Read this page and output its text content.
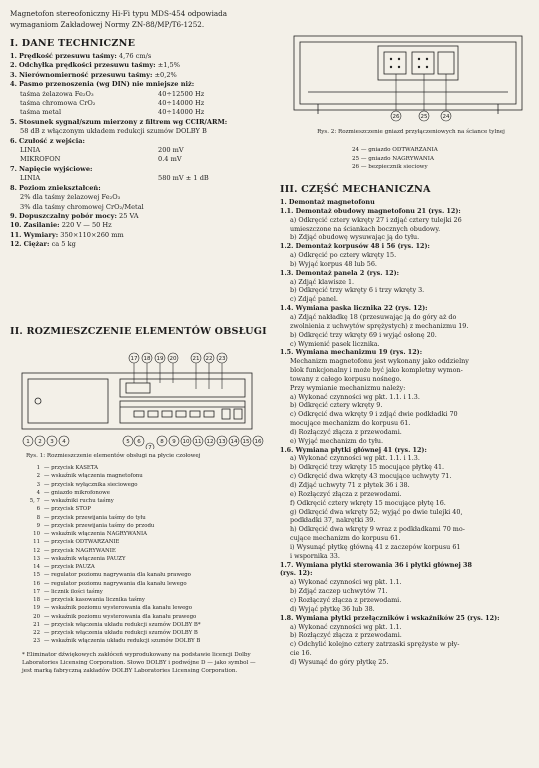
Magnetofon stereofoniczny Hi-Fi typu MDS-454 odpowiada wymaganiom Zakładowej Normy ZN-88/MP/T6-1252.
I. DANE TECHNICZNE
1. Prędkość przesuwu taśmy: 4,76 cm/s
2. Odchyłka prędkości przesuwu taśmy: ±1,5%
3. Nierównomierność przesuwu taśmy: ±0,2%
4. Pasmo przenoszenia (wg DIN) nie mniejsze niż:
taśma żelazowa Fe₂O₃	40÷12500 Hz
taśma chromowa CrO₂	40÷14000 Hz
taśma metal	40÷14000 Hz
5. Stosunek sygnał/szum mierzony z filtrem wg CCIR/ARM:
58 dB z włączonym układem redukcji szumów DOLBY B
6. Czułość z wejścia:
LINIA	200 mV
MIKROFON	0.4 mV
7. Napięcie wyjściowe:
LINIA	580 mV ± 1 dB
8. Poziom zniekształceń:
2% dla taśmy żelazowej Fe₂O₃
3% dla taśmy chromowej CrO₂/Metal
9. Dopuszczalny pobór mocy: 25 VA
10. Zasilanie: 220 V — 50 Hz
11. Wymiary: 350×110×260 mm
12. Ciężar: ca 5 kg
II. ROZMIESZCZENIE ELEMENTÓW OBSŁUGI
17 18 19 20	21 22 23
1 2 3 4	5 6
7
8 9 10 11 12 13 14 15 16
Rys. 1: Rozmieszczenie elementów obsługi na płycie czołowej
1 — przycisk KASETA
2 — wskaźnik włączenia magnetofonu
3 — przycisk wyłącznika sieciowego
4 — gniazdo mikrofonowe
5, 7 — wskaźniki ruchu taśmy
6 — przycisk STOP
8 — przycisk przewijania taśmy do tyłu
9 — przycisk przewijania taśmy do przodu
10 — wskaźnik włączenia NAGRYWANIA
11 — przycisk ODTWARZANIE
12 — przycisk NAGRYWANIE
13 — wskaźnik włączenia PAUZY
14 — przycisk PAUZA
15 — regulator poziomu nagrywania dla kanału prawego
16 — regulator poziomu nagrywania dla kanału lewego
17 — licznik ilości taśmy
18 — przycisk kasowania licznika taśmy
19 — wskaźnik poziomu wysterowania dla kanału lewego
20 — wskaźnik poziomu wysterowania dla kanału prawego
21 — przycisk włączenia układu redukcji szumów DOLBY B*
22 — przycisk włączenia układu redukcji szumów DOLBY B
23 — wskaźnik włączenia układu redukcji szumów DOLBY B
* Eliminator dźwiękowych zakłóceń wyprodukowany na podstawie licencji Dolby Laboratories Licensing Corporation. Słowo DOLBY i podwójne D — jako symbol — jest marką fabryczną zakładów DOLBY Laboratories Licensing Corporation.
26	25	24
Rys. 2: Rozmieszczenie gniazd przyłączeniowych na ściance tylnej
24 — gniazdo ODTWARZANIA
25 — gniazdo NAGRYWANIA
26 — bezpiecznik sieciowy
III. CZĘŚĆ MECHANICZNA
1. Demontaż magnetofonu
1.1. Demontaż obudowy magnetofonu 21 (rys. 12):
a) Odkręcić cztery wkręty 27 i zdjąć cztery tulejki 26
umieszczone na ściankach bocznych obudowy.
b) Zdjąć obudowę wysuwając ją do tyłu.
1.2. Demontaż korpusów 48 i 56 (rys. 12):
a) Odkręcić po cztery wkręty 15.
b) Wyjąć korpus 48 lub 56.
1.3. Demontaż panela 2 (rys. 12):
a) Zdjąć klawisze 1.
b) Odkręcić trzy wkręty 6 i trzy wkręty 3.
c) Zdjąć panel.
1.4. Wymiana paska licznika 22 (rys. 12):
a) Zdjąć nakładkę 18 (przesuwając ją do góry aż do
zwolnienia z uchwytów sprężystych) z mechanizmu 19.
b) Odkręcić trzy wkręty 69 i wyjąć osłonę 20.
c) Wymienić pasek licznika.
1.5. Wymiana mechanizmu 19 (rys. 12):
Mechanizm magnetofonu jest wykonany jako oddzielny
blok funkcjonalny i może być jako kompletny wymon-
towany z całego korpusu nośnego.
Przy wymianie mechanizmu należy:
a) Wykonać czynności wg pkt. 1.1. i 1.3.
b) Odkręcić cztery wkręty 9.
c) Odkręcić dwa wkręty 9 i zdjąć dwie podkładki 70
mocujące mechanizm do korpusu 61.
d) Rozłączyć złącza z przewodami.
e) Wyjąć mechanizm do tyłu.
1.6. Wymiana płytki głównej 41 (rys. 12):
a) Wykonać czynności wg pkt. 1.1. i 1.3.
b) Odkręcić trzy wkręty 15 mocujące płytkę 41.
c) Odkręcić dwa wkręty 43 mocujące uchwyty 71.
d) Zdjąć uchwyty 71 z płytek 36 i 38.
e) Rozłączyć złącza z przewodami.
f) Odkręcić cztery wkręty 15 mocujące płytę 16.
g) Odkręcić dwa wkręty 52; wyjąć po dwie tulejki 40,
podkładki 37, nakrętki 39.
h) Odkręcić dwa wkręty 9 wraz z podkładkami 70 mo-
cujące mechanizm do korpusu 61.
i) Wysunąć płytkę główną 41 z zaczepów korpusu 61
i wspornika 33.
1.7. Wymiana płytki sterowania 36 i płytki głównej 38
(rys. 12):
a) Wykonać czynności wg pkt. 1.1.
b) Zdjąć zaczep uchwytów 71.
c) Rozłączyć złącza z przewodami.
d) Wyjąć płytkę 36 lub 38.
1.8. Wymiana płytki przełączników i wskaźników 25 (rys. 12):
a) Wykonać czynności wg pkt. 1.1.
b) Rozłączyć złącza z przewodami.
c) Odchylić kolejno cztery zatrzaski sprężyste w pły-
cie 16.
d) Wysunąć do góry płytkę 25.
